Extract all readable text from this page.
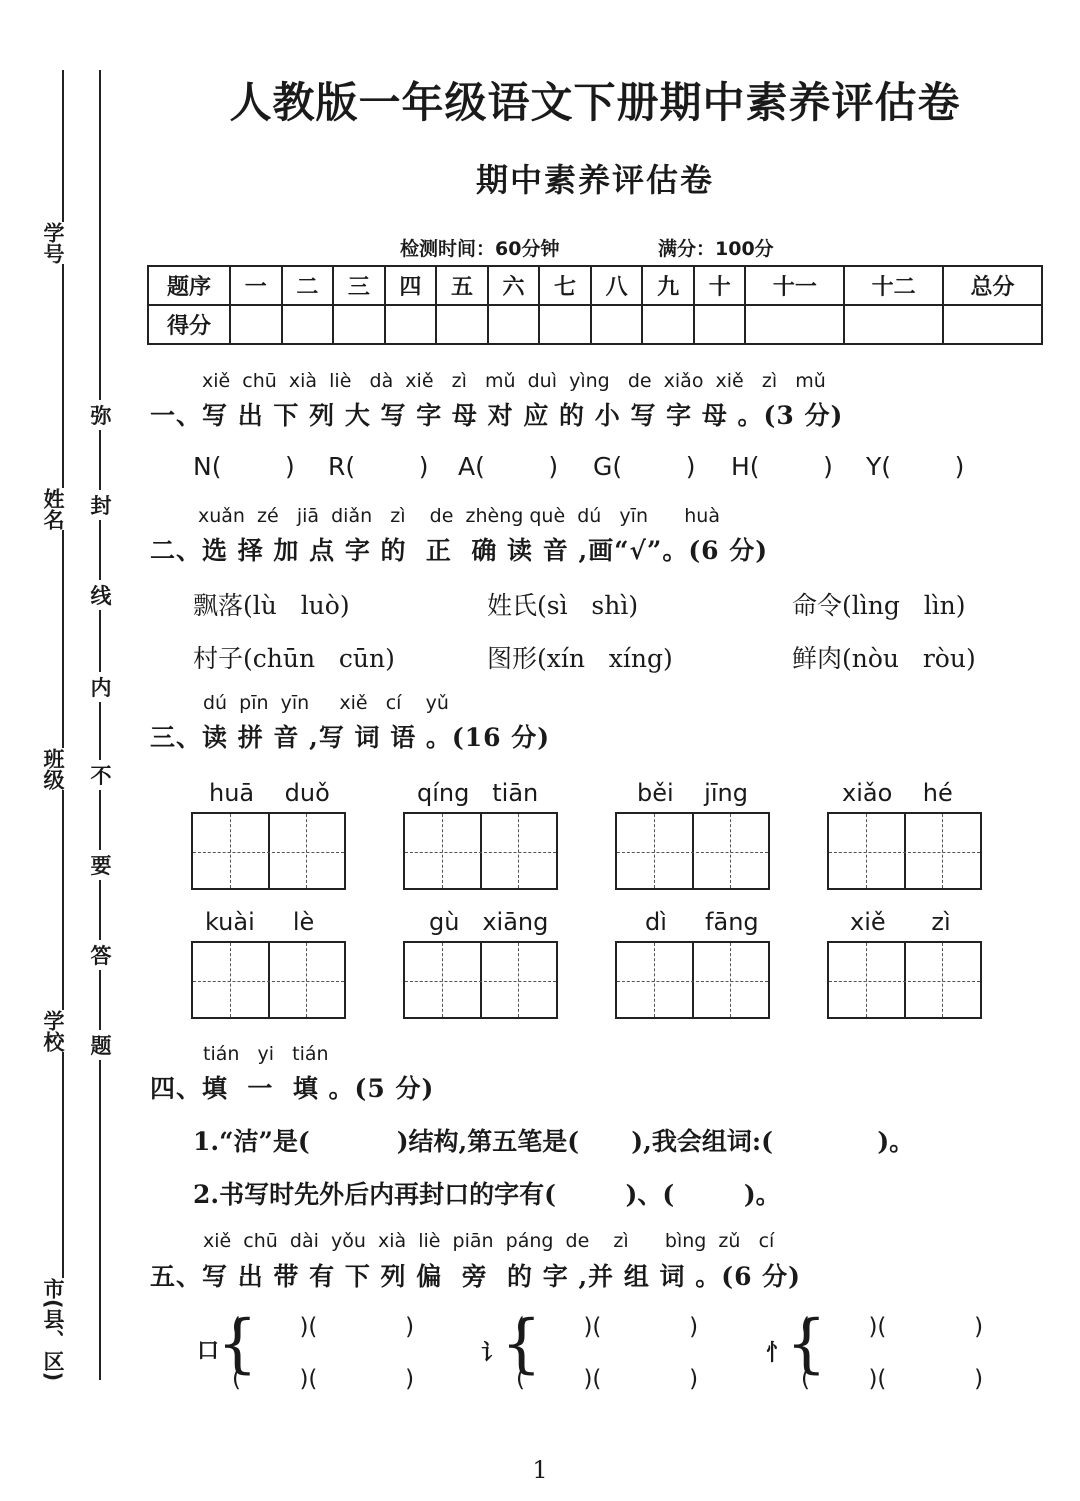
学号
姓名
班级
学校
市(县、区)
弥
封
线
内
不
要
答
题
人教版一年级语文下册期中素养评估卷
期中素养评估卷
检测时间：60分钟	满分：100分
题序	一	二	三	四	五	六	七	八	九	十	十一	十二	总分
得分													
xiě  chū  xià  liè   dà  xiě   zì   mǔ  duì  yìng   de  xiǎo  xiě   zì   mǔ
一、写 出 下 列 大 写 字 母 对 应 的 小 写 字 母 。(3 分)
N(        ) R(        ) A(        ) G(        ) H(        ) Y(        )
xuǎn  zé   jiā  diǎn   zì    de  zhèng què  dú   yīn      huà
二、选 择 加 点 字 的  正  确 读 音 ,画“√”。(6 分)
飘落(lù   luò)	姓氏(sì   shì)	命令(lìng   lìn)
村子(chūn   cūn)	图形(xín   xíng)	鲜肉(nòu   ròu)
dú  pīn  yīn     xiě   cí    yǔ
三、读 拼 音 ,写 词 语 。(16 分)
huā    duǒ	qíng   tiān	běi    jīng	xiǎo    hé
kuài     lè	gù   xiāng	dì     fāng	xiě      zì
tián   yi   tián
四、填  一  填 。(5 分)
1.“洁”是(          )结构,第五笔是(      ),我会组词:(            )。
2.书写时先外后内再封口的字有(        )、(        )。
xiě  chū  dài  yǒu  xià  liè  piān  páng  de    zì      bìng  zǔ   cí
五、写 出 带 有 下 列 偏  旁  的 字 ,并 组 词 。(6 分)
口
{
(        )(            )
(        )(            )
讠
{
(        )(            )
(        )(            )
忄
{
(        )(            )
(        )(            )
1
